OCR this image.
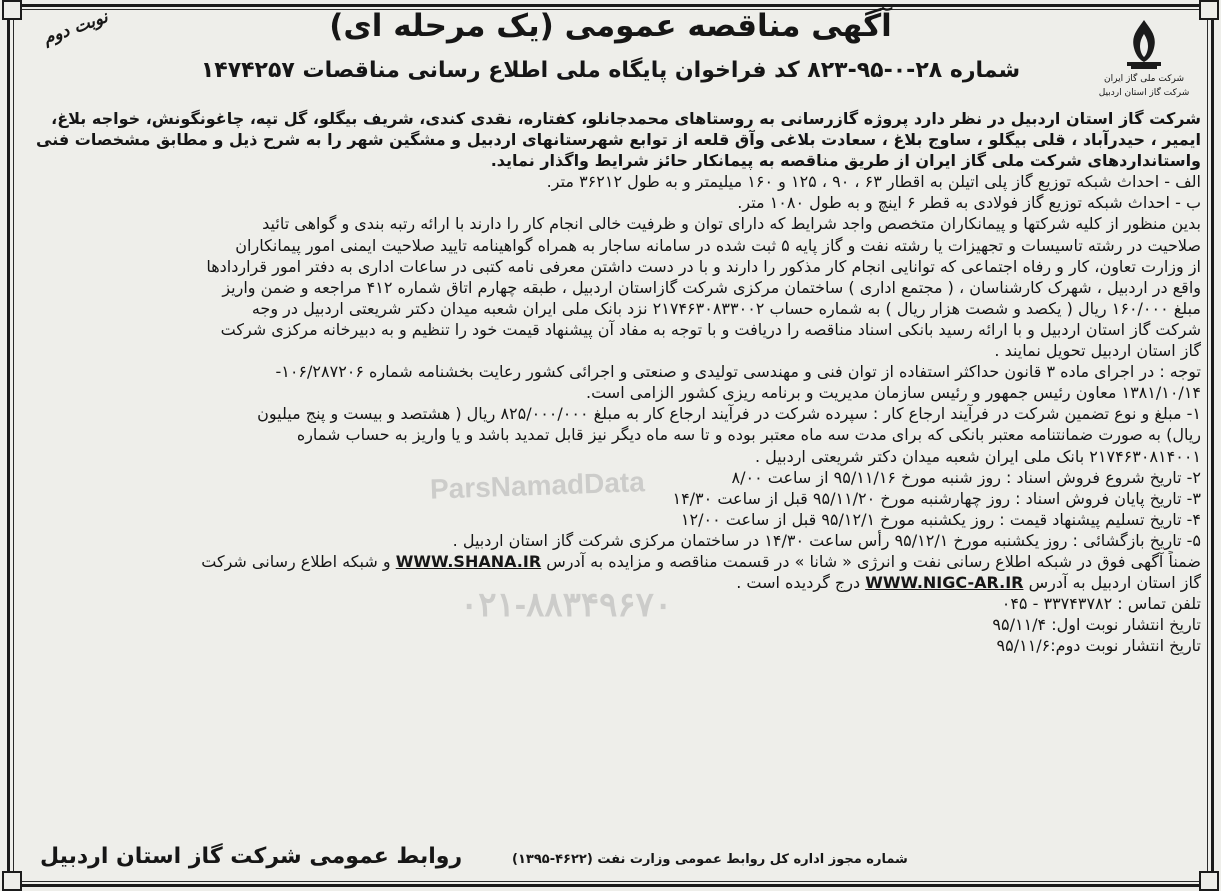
نوبت دوم	آگهی مناقصه عمومی (یک مرحله ای)
شماره ۲۸-۰-۹۵-۸۲۳ کد فراخوان پایگاه ملی اطلاع رسانی مناقصات ۱۴۷۴۲۵۷	شرکت ملی گاز ایران
شرکت گاز استان اردبیل
ParsNamadData
۰۲۱-۸۸۳۴۹۶۷۰

شرکت گاز استان اردبیل در نظر دارد پروژه گازرسانی به روستاهای محمدجانلو، کفتاره، نقدی کندی، شریف بیگلو، گل تپه، چاغونگونش، خواجه بلاغ،

ایمیر ، حیدرآباد ، قلی بیگلو ، ساوج بلاغ ، سعادت بلاغی وآق قلعه از توابع شهرستانهای اردبیل و مشگین شهر را به شرح ذیل و مطابق مشخصات فنی

واستانداردهای شرکت ملی گاز ایران از طریق مناقصه به پیمانکار حائز شرایط واگذار نماید.

الف - احداث شبکه توزیع گاز پلی اتیلن به اقطار ۶۳ ، ۹۰ ، ۱۲۵ و ۱۶۰ میلیمتر و به طول ۳۶۲۱۲ متر.

ب - احداث شبکه توزیع گاز فولادی به قطر ۶ اینچ و به طول ۱۰۸۰ متر.

بدین منظور از کلیه شرکتها و پیمانکاران متخصص واجد شرایط که دارای توان و ظرفیت خالی انجام کار را دارند با ارائه رتبه بندی و گواهی تائید

صلاحیت در رشته تاسیسات و تجهیزات یا رشته نفت و گاز پایه ۵ ثبت شده در سامانه ساجار به همراه گواهینامه تایید صلاحیت ایمنی امور پیمانکاران

از وزارت تعاون، کار و رفاه اجتماعی که توانایی انجام کار مذکور را دارند و با در دست داشتن معرفی نامه کتبی در ساعات اداری به دفتر امور قراردادها

واقع در اردبیل ، شهرک کارشناسان ، ( مجتمع اداری ) ساختمان مرکزی شرکت گازاستان اردبیل ، طبقه چهارم اتاق شماره ۴۱۲ مراجعه و ضمن واریز

مبلغ ۱۶۰/۰۰۰ ریال ( یکصد و شصت هزار ریال ) به شماره حساب ۲۱۷۴۶۳۰۸۳۳۰۰۲ نزد بانک ملی ایران شعبه میدان دکتر شریعتی اردبیل در وجه

شرکت گاز استان اردبیل و با ارائه رسید بانکی اسناد مناقصه را دریافت و با توجه به مفاد آن پیشنهاد قیمت خود را تنظیم و به دبیرخانه مرکزی شرکت

گاز استان اردبیل تحویل نمایند .

توجه : در اجرای ماده ۳ قانون حداکثر استفاده از توان فنی و مهندسی تولیدی و صنعتی و اجرائی کشور رعایت بخشنامه شماره ۱۰۶/۲۸۷۲۰۶-

۱۳۸۱/۱۰/۱۴ معاون رئیس جمهور و رئیس سازمان مدیریت و برنامه ریزی کشور الزامی است.

۱- مبلغ و نوع تضمین شرکت در فرآیند ارجاع کار : سپرده شرکت در فرآیند ارجاع کار به مبلغ ۸۲۵/۰۰۰/۰۰۰ ریال ( هشتصد و بیست و پنج میلیون

ریال) به صورت ضمانتنامه معتبر بانکی که برای مدت سه ماه معتبر بوده و تا سه ماه دیگر نیز قابل تمدید باشد و یا واریز به حساب شماره

۲۱۷۴۶۳۰۸۱۴۰۰۱ بانک ملی ایران شعبه میدان دکتر شریعتی اردبیل .

۲- تاریخ شروع فروش اسناد : روز شنبه مورخ ۹۵/۱۱/۱۶ از ساعت ۸/۰۰

۳- تاریخ پایان فروش اسناد : روز چهارشنبه مورخ ۹۵/۱۱/۲۰ قبل از ساعت ۱۴/۳۰

۴- تاریخ تسلیم پیشنهاد قیمت : روز یکشنبه مورخ ۹۵/۱۲/۱ قبل از ساعت ۱۲/۰۰

۵- تاریخ بازگشائی : روز یکشنبه مورخ ۹۵/۱۲/۱ رأس ساعت ۱۴/۳۰ در ساختمان مرکزی شرکت گاز استان اردبیل .

ضمناً آگهی فوق در شبکه اطلاع رسانی نفت و انرژی « شانا » در قسمت مناقصه و مزایده به آدرس WWW.SHANA.IR و شبکه اطلاع رسانی شرکت

گاز استان اردبیل به آدرس WWW.NIGC-AR.IR درج گردیده است .

تلفن تماس : ۳۳۷۴۳۷۸۲ - ۰۴۵

تاریخ انتشار نوبت اول: ۹۵/۱۱/۴

تاریخ انتشار نوبت دوم:۹۵/۱۱/۶

روابط عمومی شرکت گاز استان اردبیل	شماره مجوز اداره کل روابط عمومی وزارت نفت (۴۶۲۲-۱۳۹۵)
